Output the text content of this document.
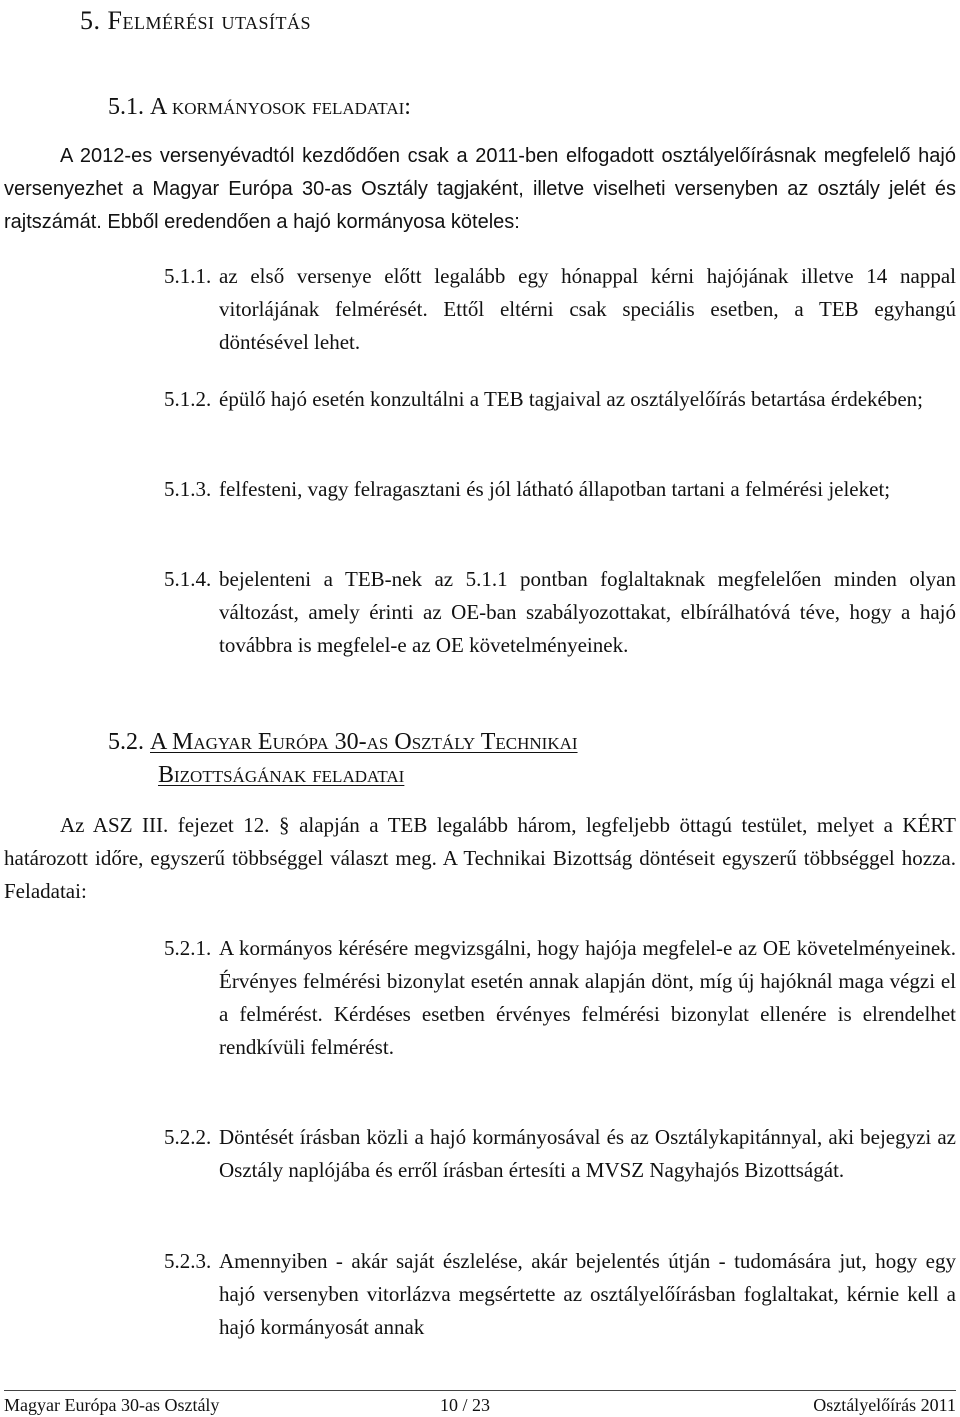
5. Felmérési utasítás
5.1. A kormányosok feladatai:

A 2012-es versenyévadtól kezdődően csak a 2011-ben elfogadott osztályelőírásnak megfelelő hajó versenyezhet a Magyar Európa 30-as Osztály tagjaként, illetve viselheti versenyben az osztály jelét és rajtszámát. Ebből eredendően a hajó kormányosa köteles:

5.1.1. az első versenye előtt legalább egy hónappal kérni hajójának illetve 14 nappal vitorlájának felmérését. Ettől eltérni csak speciális esetben, a TEB egyhangú döntésével lehet.
5.1.2. épülő hajó esetén konzultálni a TEB tagjaival az osztályelőírás betartása érdekében;
5.1.3. felfesteni, vagy felragasztani és jól látható állapotban tartani a felmérési jeleket;
5.1.4. bejelenteni a TEB-nek az 5.1.1 pontban foglaltaknak megfelelően minden olyan változást, amely érinti az OE-ban szabályozottakat, elbírálhatóvá téve, hogy a hajó továbbra is megfelel-e az OE követelményeinek.
5.2. A Magyar Európa 30-as Osztály Technikai
Bizottságának feladatai

Az ASZ III. fejezet 12. § alapján a TEB legalább három, legfeljebb öttagú testület, melyet a KÉRT határozott időre, egyszerű többséggel választ meg. A Technikai Bizottság döntéseit egyszerű többséggel hozza. Feladatai:

5.2.1. A kormányos kérésére megvizsgálni, hogy hajója megfelel-e az OE követelményeinek. Érvényes felmérési bizonylat esetén annak alapján dönt, míg új hajóknál maga végzi el a felmérést. Kérdéses esetben érvényes felmérési bizonylat ellenére is elrendelhet rendkívüli felmérést.
5.2.2. Döntését írásban közli a hajó kormányosával és az Osztálykapitánnyal, aki bejegyzi az Osztály naplójába és erről írásban értesíti a MVSZ Nagyhajós Bizottságát.
5.2.3. Amennyiben - akár saját észlelése, akár bejelentés útján - tudomására jut, hogy egy hajó versenyben vitorlázva megsértette az osztályelőírásban foglaltakat, kérnie kell a hajó kormányosát annak
Magyar Európa 30-as Osztály	10 / 23	Osztályelőírás 2011
